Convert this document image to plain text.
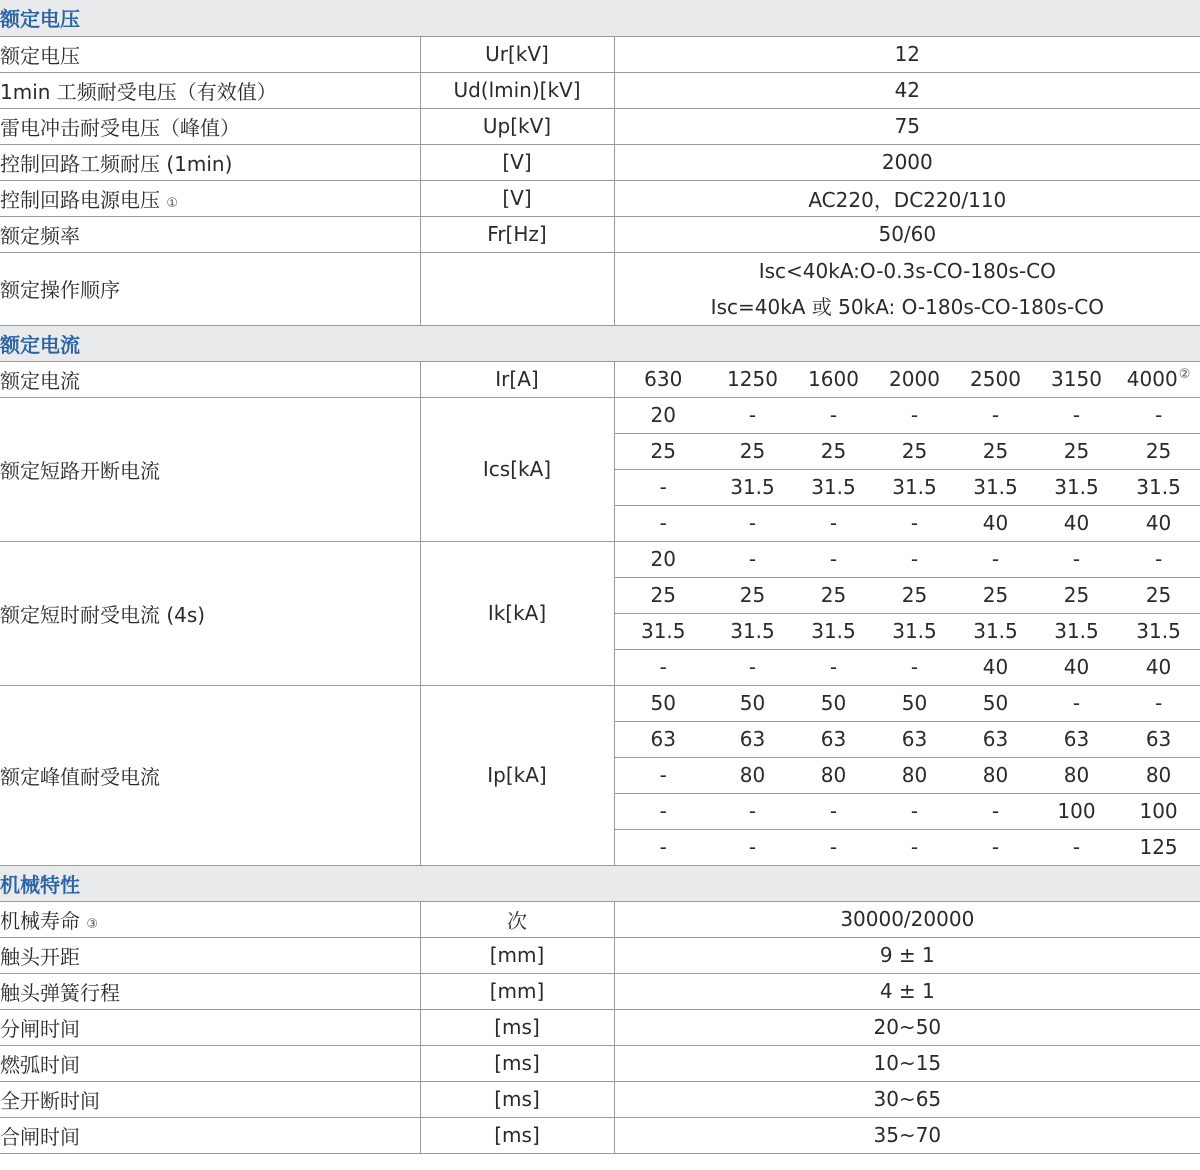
额定电压								
额定电压	Ur[kV]	12						
1min 工频耐受电压（有效值）	Ud(lmin)[kV]	42						
雷电冲击耐受电压（峰值）	Up[kV]	75						
控制回路工频耐压 (1min)	[V]	2000						
控制回路电源电压 ①	[V]	AC220，DC220/110						
额定频率	Fr[Hz]	50/60						
额定操作顺序		Isc<40kA:O-0.3s-CO-180s-CO
Isc=40kA 或 50kA: O-180s-CO-180s-CO						

额定电流								
额定电流	Ir[A]	630	1250	1600	2000	2500	3150	4000②
额定短路开断电流	Ics[kA]	20	-	-	-	-	-	-
		25	25	25	25	25	25	25
		-	31.5	31.5	31.5	31.5	31.5	31.5
		-	-	-	-	40	40	40
额定短时耐受电流 (4s)	Ik[kA]	20	-	-	-	-	-	-
		25	25	25	25	25	25	25
		31.5	31.5	31.5	31.5	31.5	31.5	31.5
		-	-	-	-	40	40	40
额定峰值耐受电流	Ip[kA]	50	50	50	50	50	-	-
		63	63	63	63	63	63	63
		-	80	80	80	80	80	80
		-	-	-	-	-	100	100
		-	-	-	-	-	-	125
机械特性								
机械寿命 ③	次	30000/20000						
触头开距	[mm]	9 ± 1						
触头弹簧行程	[mm]	4 ± 1						
分闸时间	[ms]	20~50						
燃弧时间	[ms]	10~15						
全开断时间	[ms]	30~65						
合闸时间	[ms]	35~70						
